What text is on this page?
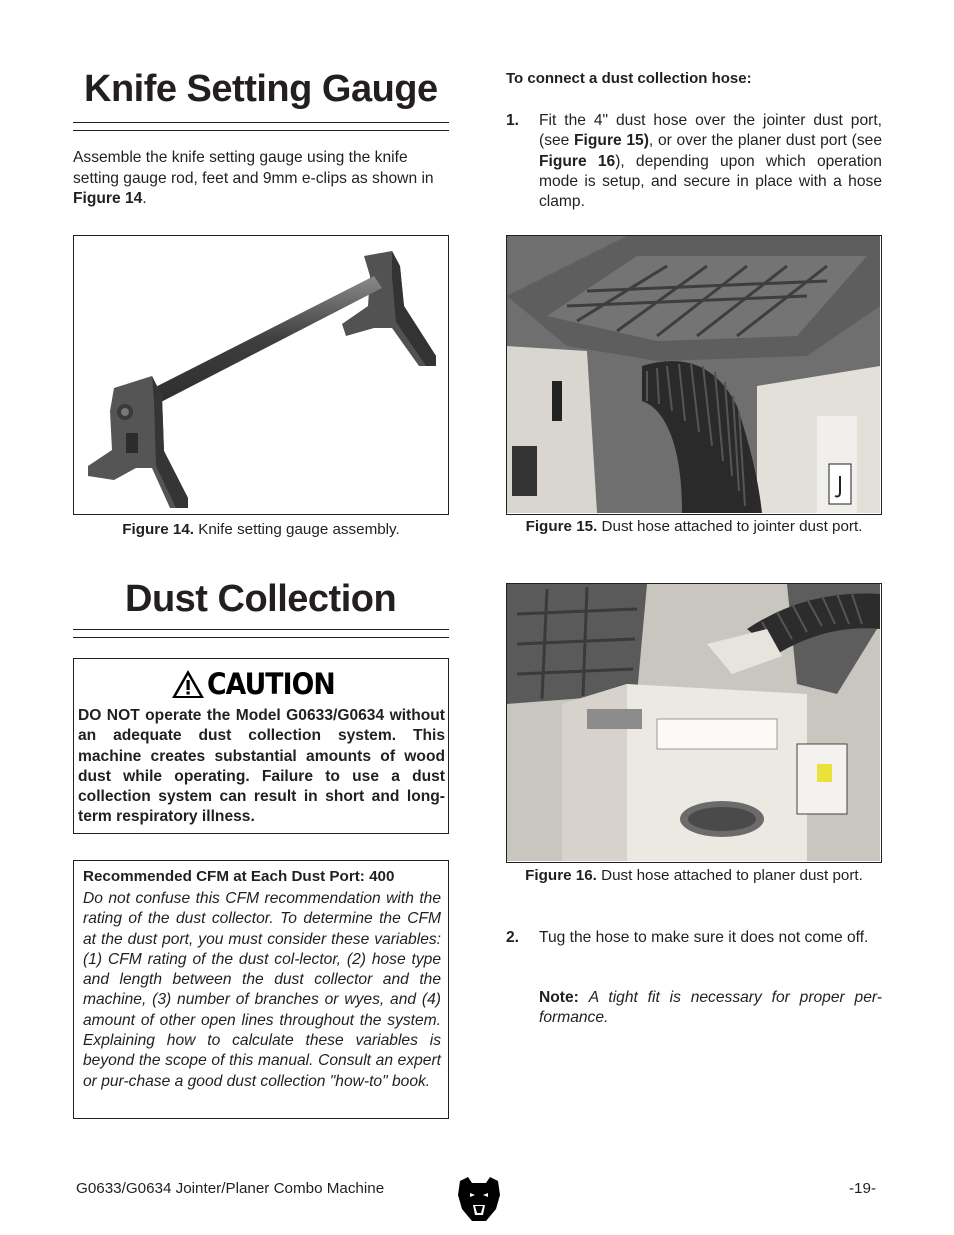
Knife Setting Gauge
Assemble the knife setting gauge using the knife setting gauge rod, feet and 9mm e-clips as shown in Figure 14.
Figure 14. Knife setting gauge assembly.
Dust Collection
CAUTION
DO NOT operate the Model G0633/G0634 without an adequate dust collection system. This machine creates substantial amounts of wood dust while operating. Failure to use a dust collection system can result in short and long-term respiratory illness.
Recommended CFM at Each Dust Port: 400
Do not confuse this CFM recommendation with the rating of the dust collector. To determine the CFM at the dust port, you must consider these variables: (1) CFM rating of the dust col-lector, (2) hose type and length between the dust collector and the machine, (3) number of branches or wyes, and (4) amount of other open lines throughout the system. Explaining how to calculate these variables is beyond the scope of this manual. Consult an expert or pur-chase a good dust collection "how-to" book.
To connect a dust collection hose:
1. Fit the 4" dust hose over the jointer dust port, (see Figure 15), or over the planer dust port (see Figure 16), depending upon which operation mode is setup, and secure in place with a hose clamp.
Figure 15. Dust hose attached to jointer dust port.
Figure 16. Dust hose attached to planer dust port.
2. Tug the hose to make sure it does not come off.
Note: A tight fit is necessary for proper per-formance.
G0633/G0634 Jointer/Planer Combo Machine	-19-
